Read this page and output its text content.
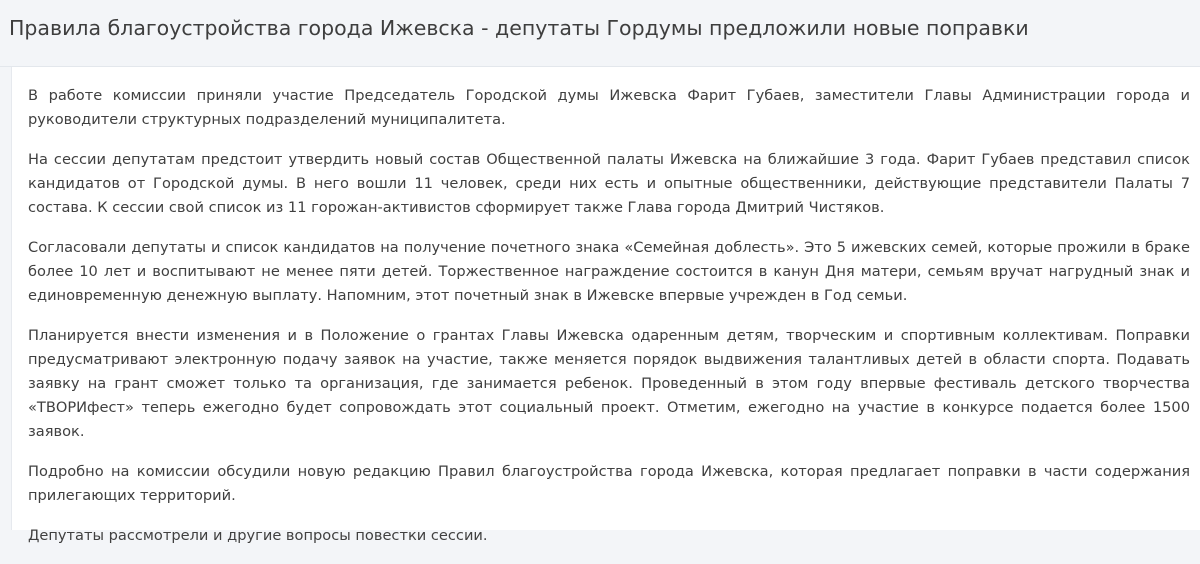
Правила благоустройства города Ижевска - депутаты Гордумы предложили новые поправки

В работе комиссии приняли участие Председатель Городской думы Ижевска Фарит Губаев, заместители Главы Администрации города и руководители структурных подразделений муниципалитета.

На сессии депутатам предстоит утвердить новый состав Общественной палаты Ижевска на ближайшие 3 года. Фарит Губаев представил список кандидатов от Городской думы. В него вошли 11 человек, среди них есть и опытные общественники, действующие представители Палаты 7 состава. К сессии свой список из 11 горожан-активистов сформирует также Глава города Дмитрий Чистяков.

Согласовали депутаты и список кандидатов на получение почетного знака «Семейная доблесть». Это 5 ижевских семей, которые прожили в браке более 10 лет и воспитывают не менее пяти детей. Торжественное награждение состоится в канун Дня матери, семьям вручат нагрудный знак и единовременную денежную выплату. Напомним, этот почетный знак в Ижевске впервые учрежден в Год семьи.

Планируется внести изменения и в Положение о грантах Главы Ижевска одаренным детям, творческим и спортивным коллективам. Поправки предусматривают электронную подачу заявок на участие, также меняется порядок выдвижения талантливых детей в области спорта. Подавать заявку на грант сможет только та организация, где занимается ребенок. Проведенный в этом году впервые фестиваль детского творчества «ТВОРИфест» теперь ежегодно будет сопровождать этот социальный проект. Отметим, ежегодно на участие в конкурсе подается более 1500 заявок.

Подробно на комиссии обсудили новую редакцию Правил благоустройства города Ижевска, которая предлагает поправки в части содержания прилегающих территорий.

Депутаты рассмотрели и другие вопросы повестки сессии.
